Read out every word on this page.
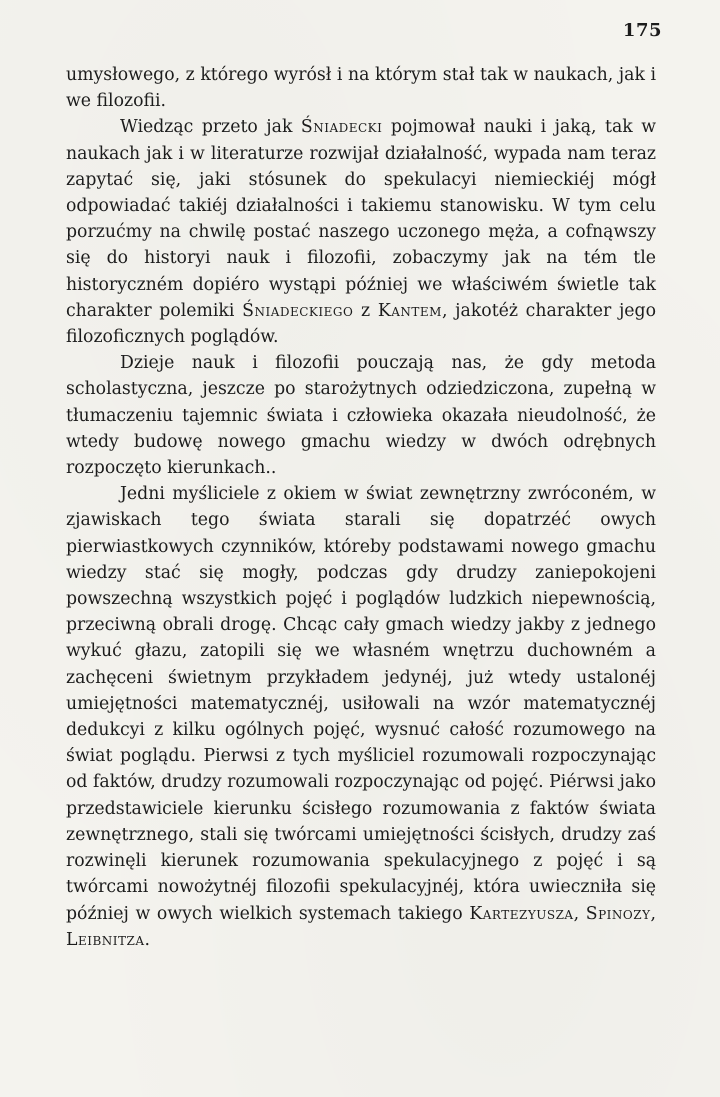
175

umysłowego, z którego wyrósł i na którym stał tak w naukach, jak i we filozofii.

Wiedząc przeto jak Śniadecki pojmował nauki i jaką, tak w naukach jak i w literaturze rozwijał działalność, wypada nam teraz zapytać się, jaki stósunek do spekulacyi niemieckiéj mógł odpowiadać takiéj działalności i takiemu stanowisku. W tym celu porzućmy na chwilę postać naszego uczonego męża, a cofnąwszy się do historyi nauk i filozofii, zobaczymy jak na tém tle historyczném dopiéro wystąpi później we właściwém świetle tak charakter polemiki Śniadeckiego z Kantem, jakotéż charakter jego filozoficznych poglądów.

Dzieje nauk i filozofii pouczają nas, że gdy metoda scholastyczna, jeszcze po starożytnych odziedziczona, zupełną w tłumaczeniu tajemnic świata i człowieka okazała nieudolność, że wtedy budowę nowego gmachu wiedzy w dwóch odrębnych rozpoczęto kierunkach..

Jedni myśliciele z okiem w świat zewnętrzny zwróconém, w zjawiskach tego świata starali się dopatrzéć owych pierwiastkowych czynników, któreby podstawami nowego gmachu wiedzy stać się mogły, podczas gdy drudzy zaniepokojeni powszechną wszystkich pojęć i poglądów ludzkich niepewnością, przeciwną obrali drogę. Chcąc cały gmach wiedzy jakby z jednego wykuć głazu, zatopili się we własném wnętrzu duchowném a zachęceni świetnym przykładem jedynéj, już wtedy ustalonéj umiejętności matematycznéj, usiłowali na wzór matematycznéj dedukcyi z kilku ogólnych pojęć, wysnuć całość rozumowego na świat poglądu. Pierwsi z tych myśliciel rozumowali rozpoczynając od faktów, drudzy rozumowali rozpoczynając od pojęć. Piérwsi jako przedstawiciele kierunku ścisłego rozumowania z faktów świata zewnętrznego, stali się twórcami umiejętności ścisłych, drudzy zaś rozwinęli kierunek rozumowania spekulacyjnego z pojęć i są twórcami nowożytnéj filozofii spekulacyjnéj, która uwieczniła się później w owych wielkich systemach takiego Kartezyusza, Spinozy, Leibnitza.
